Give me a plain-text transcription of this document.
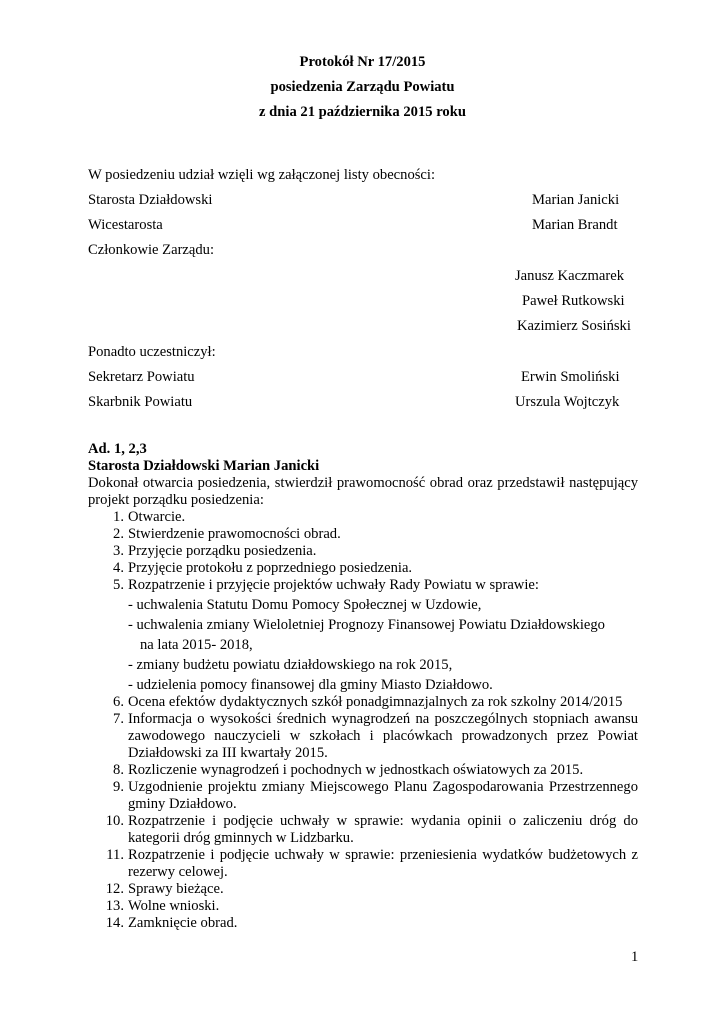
Protokół Nr 17/2015
posiedzenia Zarządu Powiatu
z dnia 21 października 2015 roku
W posiedzeniu udział wzięli wg załączonej listy obecności:
Starosta Działdowski	Marian Janicki
Wicestarosta	Marian Brandt
Członkowie Zarządu:
Janusz Kaczmarek
Paweł Rutkowski
Kazimierz Sosiński
Ponadto uczestniczył:
Sekretarz Powiatu	Erwin Smoliński
Skarbnik Powiatu	Urszula Wojtczyk
Ad. 1, 2,3
Starosta Działdowski Marian Janicki
Dokonał otwarcia posiedzenia, stwierdził prawomocność obrad oraz przedstawił następujący projekt porządku posiedzenia:
1. Otwarcie.
2. Stwierdzenie prawomocności obrad.
3. Przyjęcie porządku posiedzenia.
4. Przyjęcie protokołu z poprzedniego posiedzenia.
5. Rozpatrzenie i przyjęcie projektów uchwały Rady Powiatu w sprawie:
- uchwalenia Statutu Domu Pomocy Społecznej w Uzdowie,
- uchwalenia zmiany Wieloletniej Prognozy Finansowej Powiatu Działdowskiego
na lata 2015- 2018,
- zmiany budżetu powiatu działdowskiego na rok 2015,
- udzielenia pomocy finansowej dla gminy Miasto Działdowo.
6. Ocena efektów dydaktycznych szkół ponadgimnazjalnych za rok szkolny 2014/2015
7. Informacja o wysokości średnich wynagrodzeń na poszczególnych stopniach awansu zawodowego nauczycieli w szkołach i placówkach prowadzonych przez Powiat Działdowski za III kwartały 2015.
8. Rozliczenie wynagrodzeń i pochodnych w jednostkach oświatowych za 2015.
9. Uzgodnienie projektu zmiany Miejscowego Planu Zagospodarowania Przestrzennego gminy Działdowo.
10. Rozpatrzenie i podjęcie uchwały w sprawie: wydania opinii o zaliczeniu dróg do kategorii dróg gminnych w Lidzbarku.
11. Rozpatrzenie i podjęcie uchwały w sprawie: przeniesienia wydatków budżetowych z rezerwy celowej.
12. Sprawy bieżące.
13. Wolne wnioski.
14. Zamknięcie obrad.
1
